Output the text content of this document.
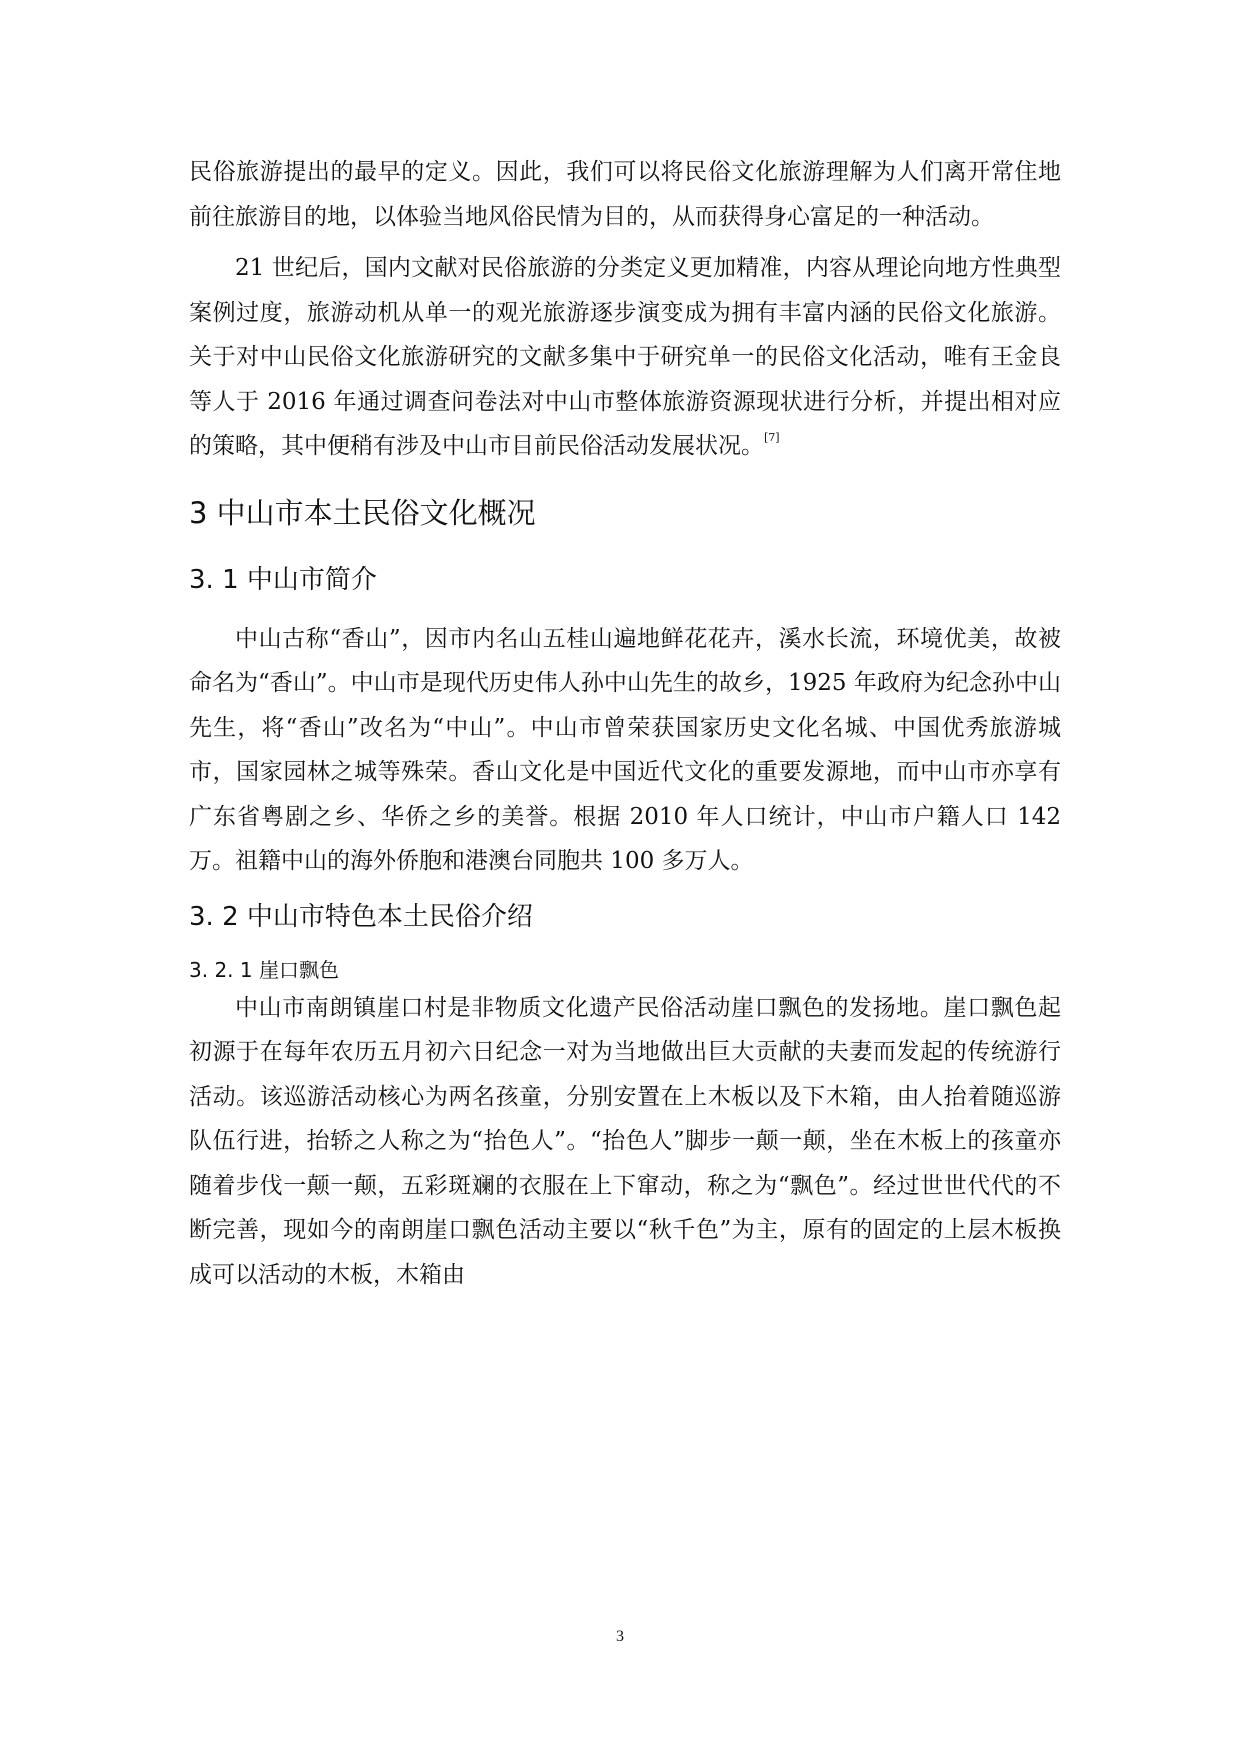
民俗旅游提出的最早的定义。因此，我们可以将民俗文化旅游理解为人们离开常住地前往旅游目的地，以体验当地风俗民情为目的，从而获得身心富足的一种活动。

21 世纪后，国内文献对民俗旅游的分类定义更加精准，内容从理论向地方性典型案例过度，旅游动机从单一的观光旅游逐步演变成为拥有丰富内涵的民俗文化旅游。关于对中山民俗文化旅游研究的文献多集中于研究单一的民俗文化活动，唯有王金良等人于 2016 年通过调查问卷法对中山市整体旅游资源现状进行分析，并提出相对应的策略，其中便稍有涉及中山市目前民俗活动发展状况。[7]

3 中山市本土民俗文化概况
3. 1 中山市简介

中山古称“香山”，因市内名山五桂山遍地鲜花花卉，溪水长流，环境优美，故被命名为“香山”。中山市是现代历史伟人孙中山先生的故乡，1925 年政府为纪念孙中山先生，将“香山”改名为“中山”。中山市曾荣获国家历史文化名城、中国优秀旅游城市，国家园林之城等殊荣。香山文化是中国近代文化的重要发源地，而中山市亦享有广东省粤剧之乡、华侨之乡的美誉。根据 2010 年人口统计，中山市户籍人口 142 万。祖籍中山的海外侨胞和港澳台同胞共 100 多万人。

3. 2 中山市特色本土民俗介绍
3. 2. 1 崖口飘色

中山市南朗镇崖口村是非物质文化遗产民俗活动崖口飘色的发扬地。崖口飘色起初源于在每年农历五月初六日纪念一对为当地做出巨大贡献的夫妻而发起的传统游行活动。该巡游活动核心为两名孩童，分别安置在上木板以及下木箱，由人抬着随巡游队伍行进，抬轿之人称之为“抬色人”。“抬色人”脚步一颠一颠，坐在木板上的孩童亦随着步伐一颠一颠，五彩斑斓的衣服在上下窜动，称之为“飘色”。经过世世代代的不断完善，现如今的南朗崖口飘色活动主要以“秋千色”为主，原有的固定的上层木板换成可以活动的木板，木箱由

3
